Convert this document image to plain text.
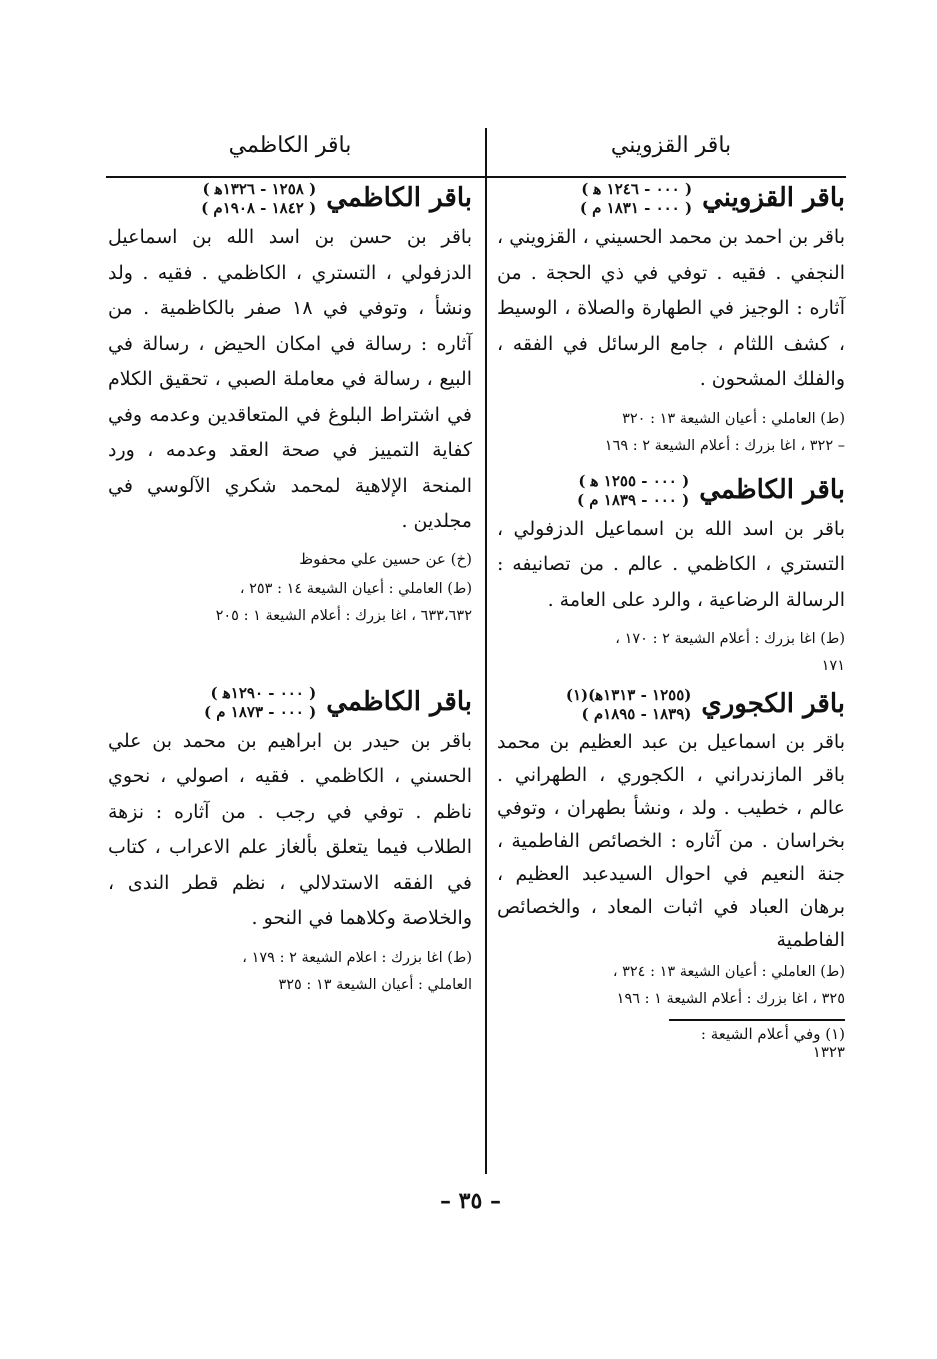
باقر القزويني
باقر القزويني
( ٠٠٠ - ١٢٤٦ ﻫ )
( ٠٠٠ - ١٨٣١ م )
باقر بن احمد بن محمد الحسيني ، القزويني ، النجفي . فقيه . توفي في ذي الحجة . من آثاره : الوجيز في الطهارة والصلاة ، الوسيط ، كشف اللثام ، جامع الرسائل في الفقه ، والفلك المشحون .
(ط) العاملي : أعيان الشيعة ١٣ : ٣٢٠
– ٣٢٢ ، اغا بزرك : أعلام الشيعة ٢ : ١٦٩
باقر الكاظمي
( ٠٠٠ - ١٢٥٥ ﻫ )
( ٠٠٠ - ١٨٣٩ م )
باقر بن اسد الله بن اسماعيل الدزفولي ، التستري ، الكاظمي . عالم . من تصانيفه : الرسالة الرضاعية ، والرد على العامة .
(ط) اغا بزرك : أعلام الشيعة ٢ : ١٧٠ ،
١٧١
باقر الكجوري
(١٢٥٥ - ١٣١٣ﻫ)(١)
(١٨٣٩ - ١٨٩٥م )
باقر بن اسماعيل بن عبد العظيم بن محمد باقر المازندراني ، الكجوري ، الطهراني . عالم ، خطيب . ولد ، ونشأ بطهران ، وتوفي بخراسان . من آثاره : الخصائص الفاطمية ، جنة النعيم في احوال السيدعبد العظيم ، برهان العباد في اثبات المعاد ، والخصائص الفاطمية
(ط) العاملي : أعيان الشيعة ١٣ : ٣٢٤ ،
٣٢٥ ، اغا بزرك : أعلام الشيعة ١ : ١٩٦
(١) وفي أعلام الشيعة : ١٣٢٣
باقر الكاظمي
باقر الكاظمي
( ١٢٥٨ - ١٣٢٦ﻫ )
( ١٨٤٢ - ١٩٠٨م )
باقر بن حسن بن اسد الله بن اسماعيل الدزفولي ، التستري ، الكاظمي . فقيه . ولد ونشأ ، وتوفي في ١٨ صفر بالكاظمية . من آثاره : رسالة في امكان الحيض ، رسالة في البيع ، رسالة في معاملة الصبي ، تحقيق الكلام في اشتراط البلوغ في المتعاقدين وعدمه وفي كفاية التمييز في صحة العقد وعدمه ، ورد المنحة الإلاهية لمحمد شكري الآلوسي في مجلدين .
(خ) عن حسين علي محفوظ
(ط) العاملي : أعيان الشيعة ١٤ : ٢٥٣ ،
٦٣٣،٦٣٢ ، اغا بزرك : أعلام الشيعة ١ : ٢٠٥
باقر الكاظمي
( ٠٠٠ - ١٢٩٠ﻫ )
( ٠٠٠ - ١٨٧٣ م )
باقر بن حيدر بن ابراهيم بن محمد بن علي الحسني ، الكاظمي . فقيه ، اصولي ، نحوي ناظم . توفي في رجب . من آثاره : نزهة الطلاب فيما يتعلق بألغاز علم الاعراب ، كتاب في الفقه الاستدلالي ، نظم قطر الندى ، والخلاصة وكلاهما في النحو .
(ط) اغا بزرك : اعلام الشيعة ٢ : ١٧٩ ،
العاملي : أعيان الشيعة ١٣ : ٣٢٥
– ٣٥ –
